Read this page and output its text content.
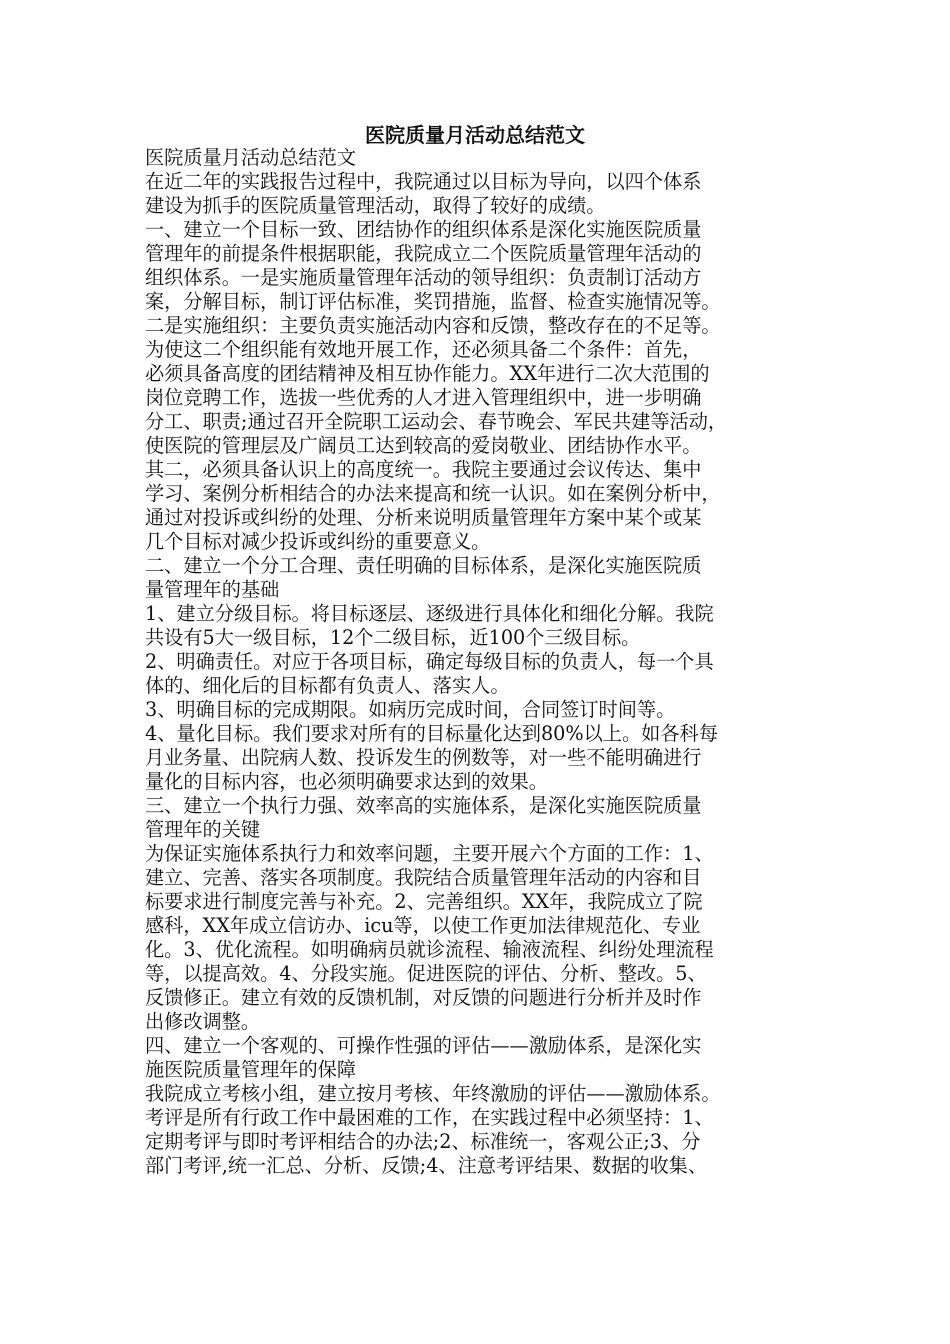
医院质量月活动总结范文

医院质量月活动总结范文

在近二年的实践报告过程中，我院通过以目标为导向，以四个体系

建设为抓手的医院质量管理活动，取得了较好的成绩。

一、建立一个目标一致、团结协作的组织体系是深化实施医院质量

管理年的前提条件根据职能，我院成立二个医院质量管理年活动的

组织体系。一是实施质量管理年活动的领导组织：负责制订活动方

案，分解目标，制订评估标准，奖罚措施，监督、检查实施情况等。

二是实施组织：主要负责实施活动内容和反馈，整改存在的不足等。

为使这二个组织能有效地开展工作，还必须具备二个条件：首先，

必须具备高度的团结精神及相互协作能力。XX年进行二次大范围的

岗位竞聘工作，选拔一些优秀的人才进入管理组织中，进一步明确

分工、职责;通过召开全院职工运动会、春节晚会、军民共建等活动，

使医院的管理层及广阔员工达到较高的爱岗敬业、团结协作水平。

其二，必须具备认识上的高度统一。我院主要通过会议传达、集中

学习、案例分析相结合的办法来提高和统一认识。如在案例分析中，

通过对投诉或纠纷的处理、分析来说明质量管理年方案中某个或某

几个目标对减少投诉或纠纷的重要意义。

二、建立一个分工合理、责任明确的目标体系，是深化实施医院质

量管理年的基础

1、建立分级目标。将目标逐层、逐级进行具体化和细化分解。我院

共设有5大一级目标，12个二级目标，近100个三级目标。

2、明确责任。对应于各项目标，确定每级目标的负责人，每一个具

体的、细化后的目标都有负责人、落实人。

3、明确目标的完成期限。如病历完成时间，合同签订时间等。

4、量化目标。我们要求对所有的目标量化达到80%以上。如各科每

月业务量、出院病人数、投诉发生的例数等，对一些不能明确进行

量化的目标内容，也必须明确要求达到的效果。

三、建立一个执行力强、效率高的实施体系，是深化实施医院质量

管理年的关键

为保证实施体系执行力和效率问题，主要开展六个方面的工作：1、

建立、完善、落实各项制度。我院结合质量管理年活动的内容和目

标要求进行制度完善与补充。2、完善组织。XX年，我院成立了院

感科，XX年成立信访办、icu等，以使工作更加法律规范化、专业

化。3、优化流程。如明确病员就诊流程、输液流程、纠纷处理流程

等，以提高效。4、分段实施。促进医院的评估、分析、整改。5、

反馈修正。建立有效的反馈机制，对反馈的问题进行分析并及时作

出修改调整。

四、建立一个客观的、可操作性强的评估——激励体系，是深化实

施医院质量管理年的保障

我院成立考核小组，建立按月考核、年终激励的评估——激励体系。

考评是所有行政工作中最困难的工作，在实践过程中必须坚持：1、

定期考评与即时考评相结合的办法;2、标准统一，客观公正;3、分

部门考评,统一汇总、分析、反馈;4、注意考评结果、数据的收集、
